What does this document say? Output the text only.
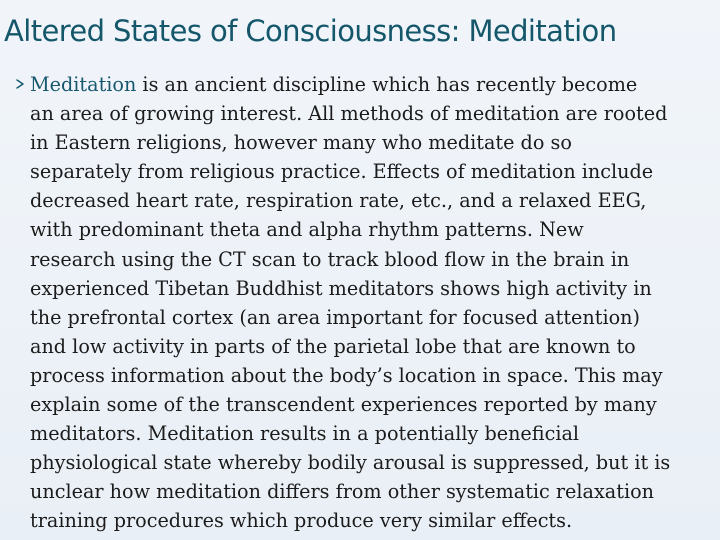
Altered States of Consciousness: Meditation

Meditation is an ancient discipline which has recently become
an area of growing interest. All methods of meditation are rooted
in Eastern religions, however many who meditate do so
separately from religious practice. Effects of meditation include
decreased heart rate, respiration rate, etc., and a relaxed EEG,
with predominant theta and alpha rhythm patterns. New
research using the CT scan to track blood flow in the brain in
experienced Tibetan Buddhist meditators shows high activity in
the prefrontal cortex (an area important for focused attention)
and low activity in parts of the parietal lobe that are known to
process information about the body’s location in space. This may
explain some of the transcendent experiences reported by many
meditators. Meditation results in a potentially beneficial
physiological state whereby bodily arousal is suppressed, but it is
unclear how meditation differs from other systematic relaxation
training procedures which produce very similar effects.
